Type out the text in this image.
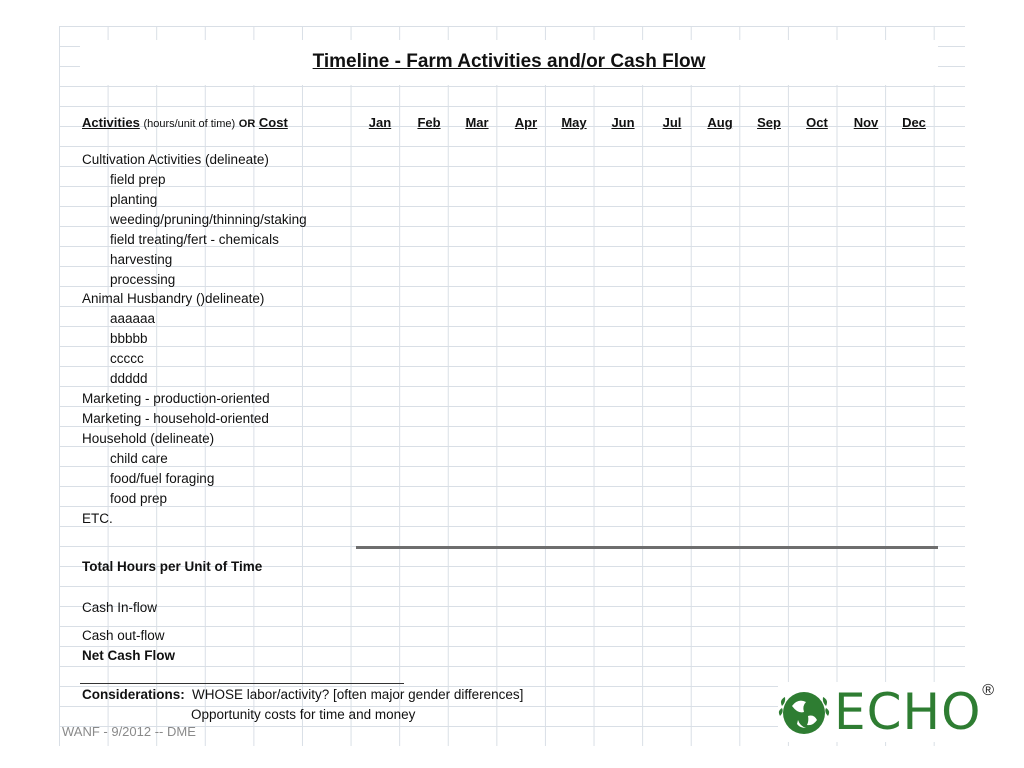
Timeline - Farm Activities and/or Cash Flow
Activities (hours/unit of time) OR Cost	Jan	Feb	Mar	Apr	May	Jun	Jul	Aug	Sep	Oct	Nov	Dec
Cultivation Activities (delineate)
field prep
planting
weeding/pruning/thinning/staking
field treating/fert - chemicals
harvesting
processing
Animal Husbandry ()delineate)
aaaaaa
bbbbb
ccccc
ddddd
Marketing - production-oriented
Marketing - household-oriented
Household (delineate)
child care
food/fuel foraging
food prep
ETC.
Total Hours per Unit of Time
Cash In-flow
Cash out-flow
Net Cash Flow
Considerations: WHOSE labor/activity? [often major gender differences]
Opportunity costs for time and money
WANF - 9/2012 -- DME	ECHO ®
